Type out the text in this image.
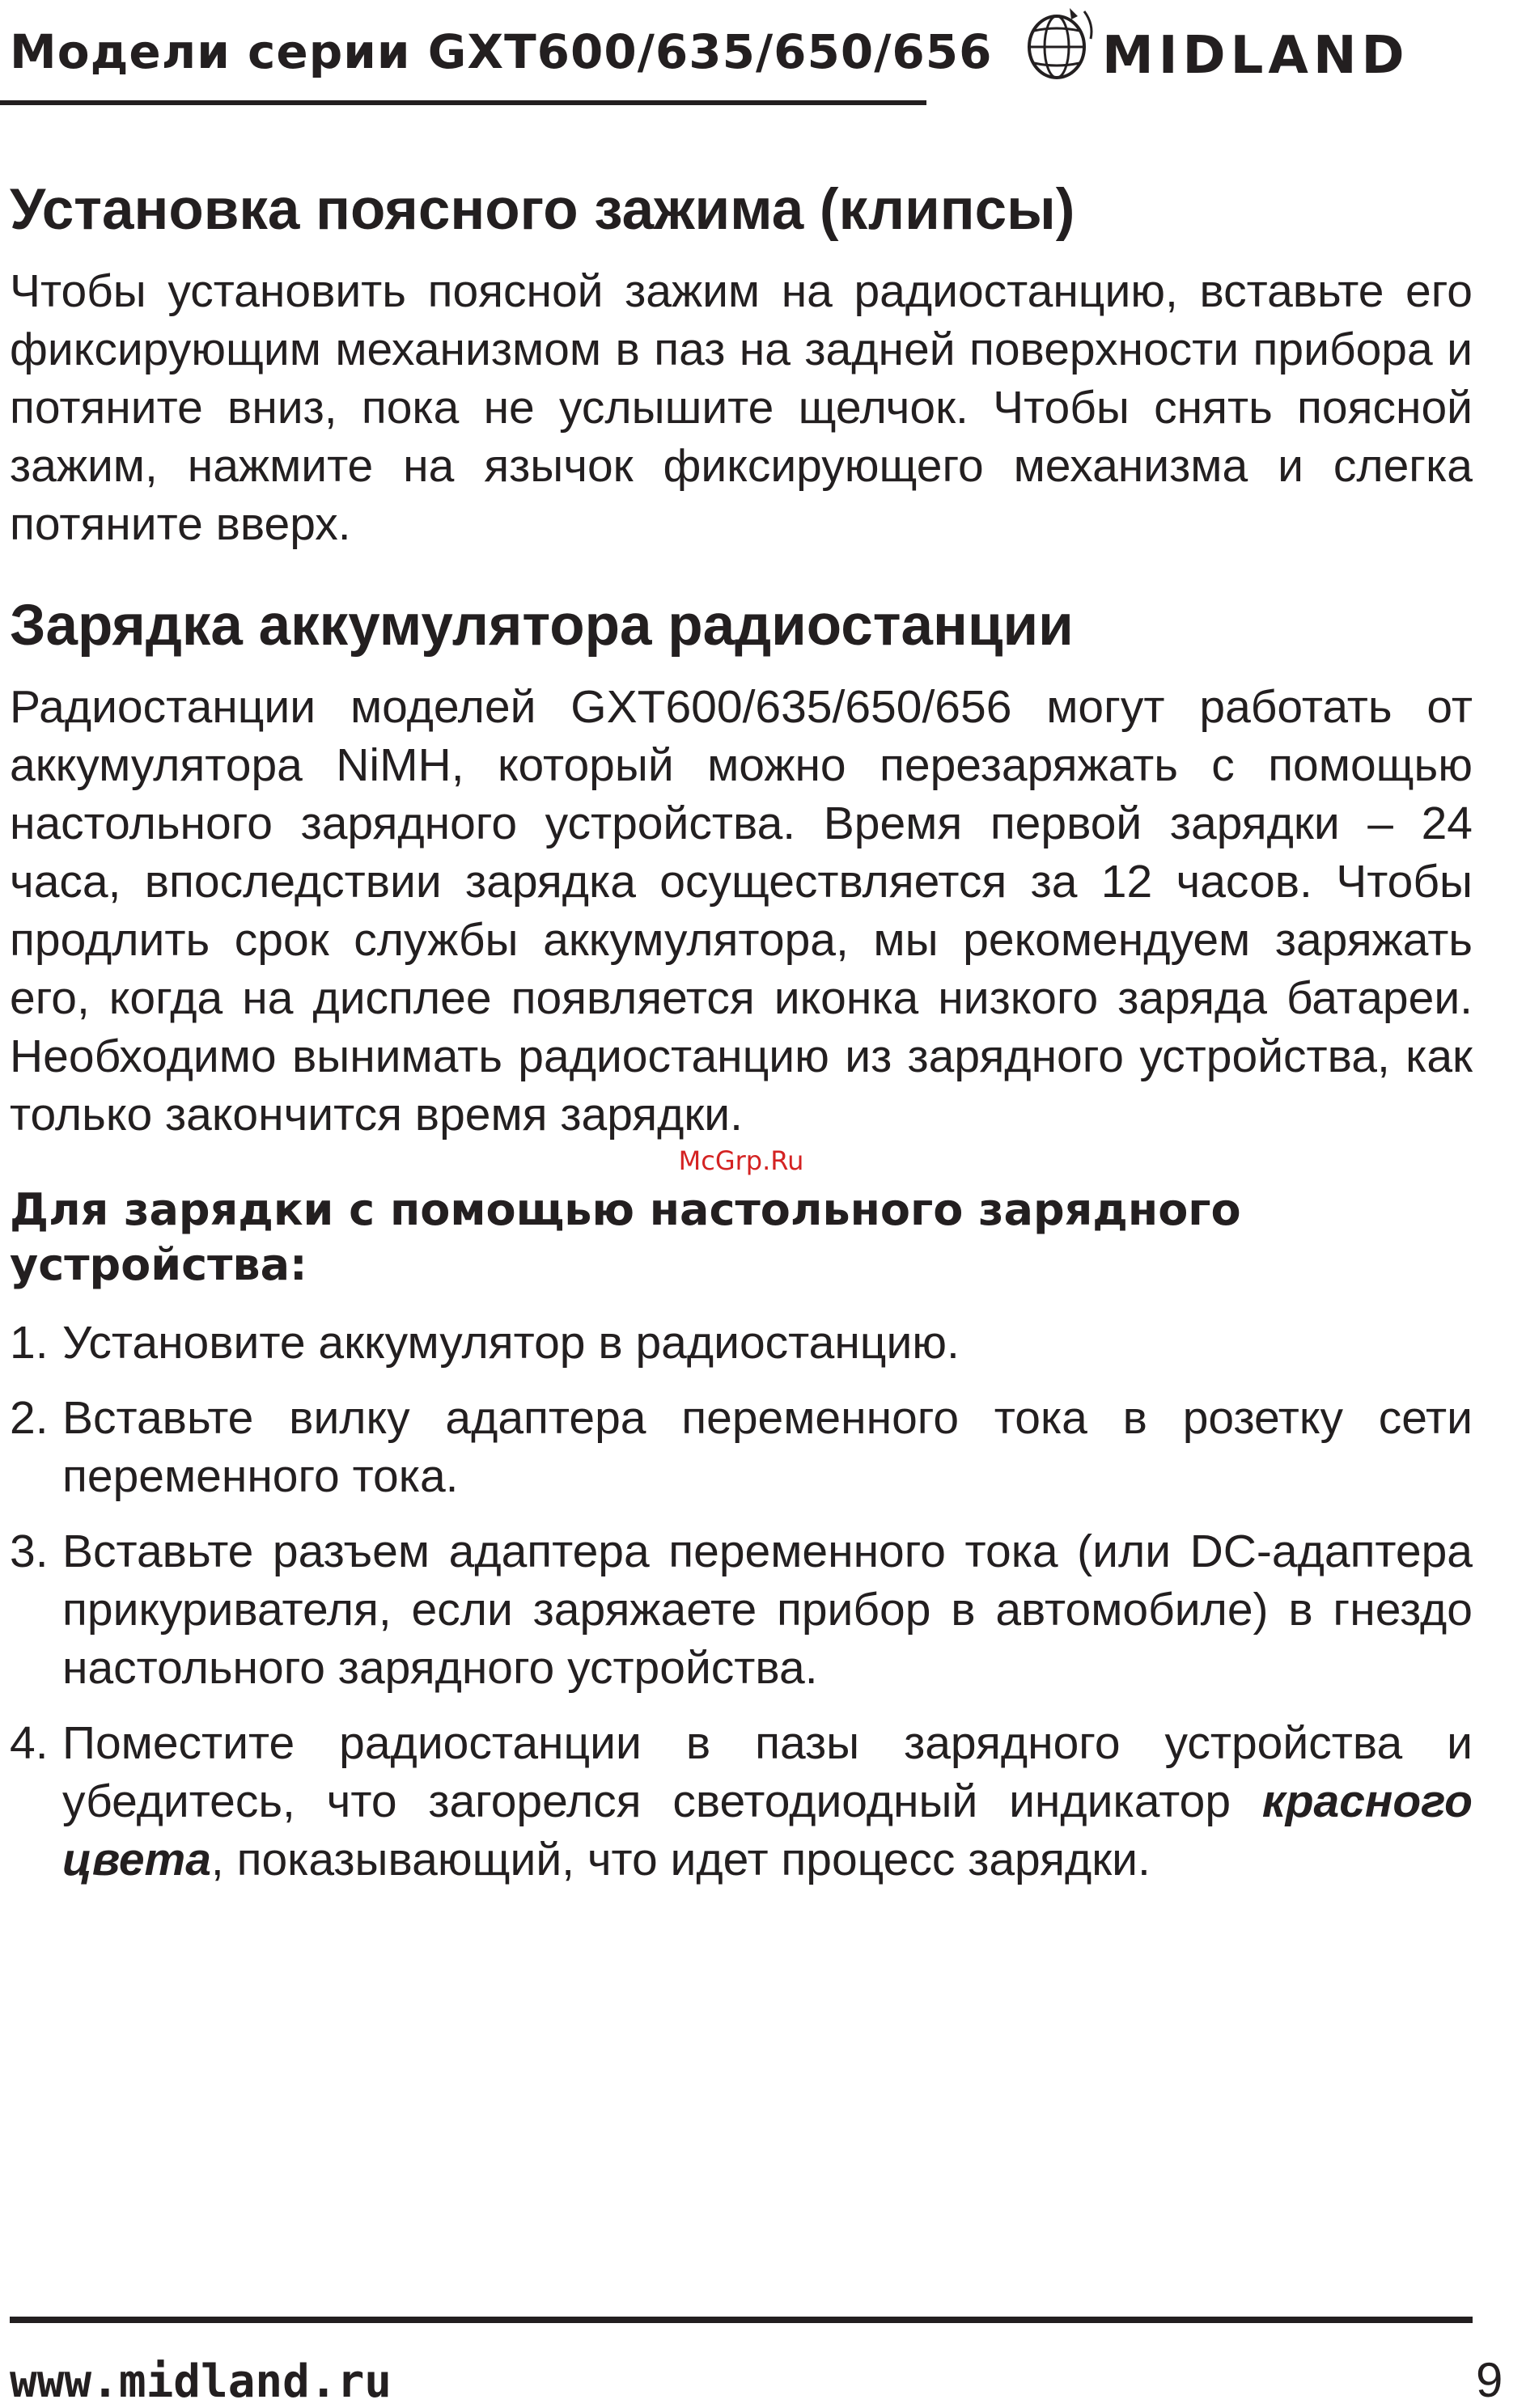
Модели серии GXT600/635/650/656 MIDLAND
Установка поясного зажима (клипсы)

Чтобы установить поясной зажим на радиостанцию, вставьте его фиксирующим механизмом в паз на задней поверхности прибора и потяните вниз, пока не услышите щелчок. Чтобы снять поясной зажим, нажмите на язычок фиксирующего механизма и слегка потяните вверх.

Зарядка аккумулятора радиостанции

Радиостанции моделей GXT600/635/650/656 могут работать от аккумулятора NiMH, который можно перезаряжать с помощью настольного зарядного устройства. Время первой зарядки – 24 часа, впоследствии зарядка осуществляется за 12 часов. Чтобы продлить срок службы аккумулятора, мы рекомендуем заряжать его, когда на дисплее появляется иконка низкого заряда батареи. Необходимо вынимать радиостанцию из зарядного устройства, как только закончится время зарядки.

McGrp.Ru
Для зарядки с помощью настольного зарядного устройства:
1. Установите аккумулятор в радиостанцию.
2. Вставьте вилку адаптера переменного тока в розетку сети переменного тока.
3. Вставьте разъем адаптера переменного тока (или DC-адаптера прикуривателя, если заряжаете прибор в автомобиле) в гнездо настольного зарядного устройства.
4. Поместите радиостанции в пазы зарядного устройства и убедитесь, что загорелся светодиодный индикатор красного цвета, показывающий, что идет процесс зарядки.
www.midland.ru	9
